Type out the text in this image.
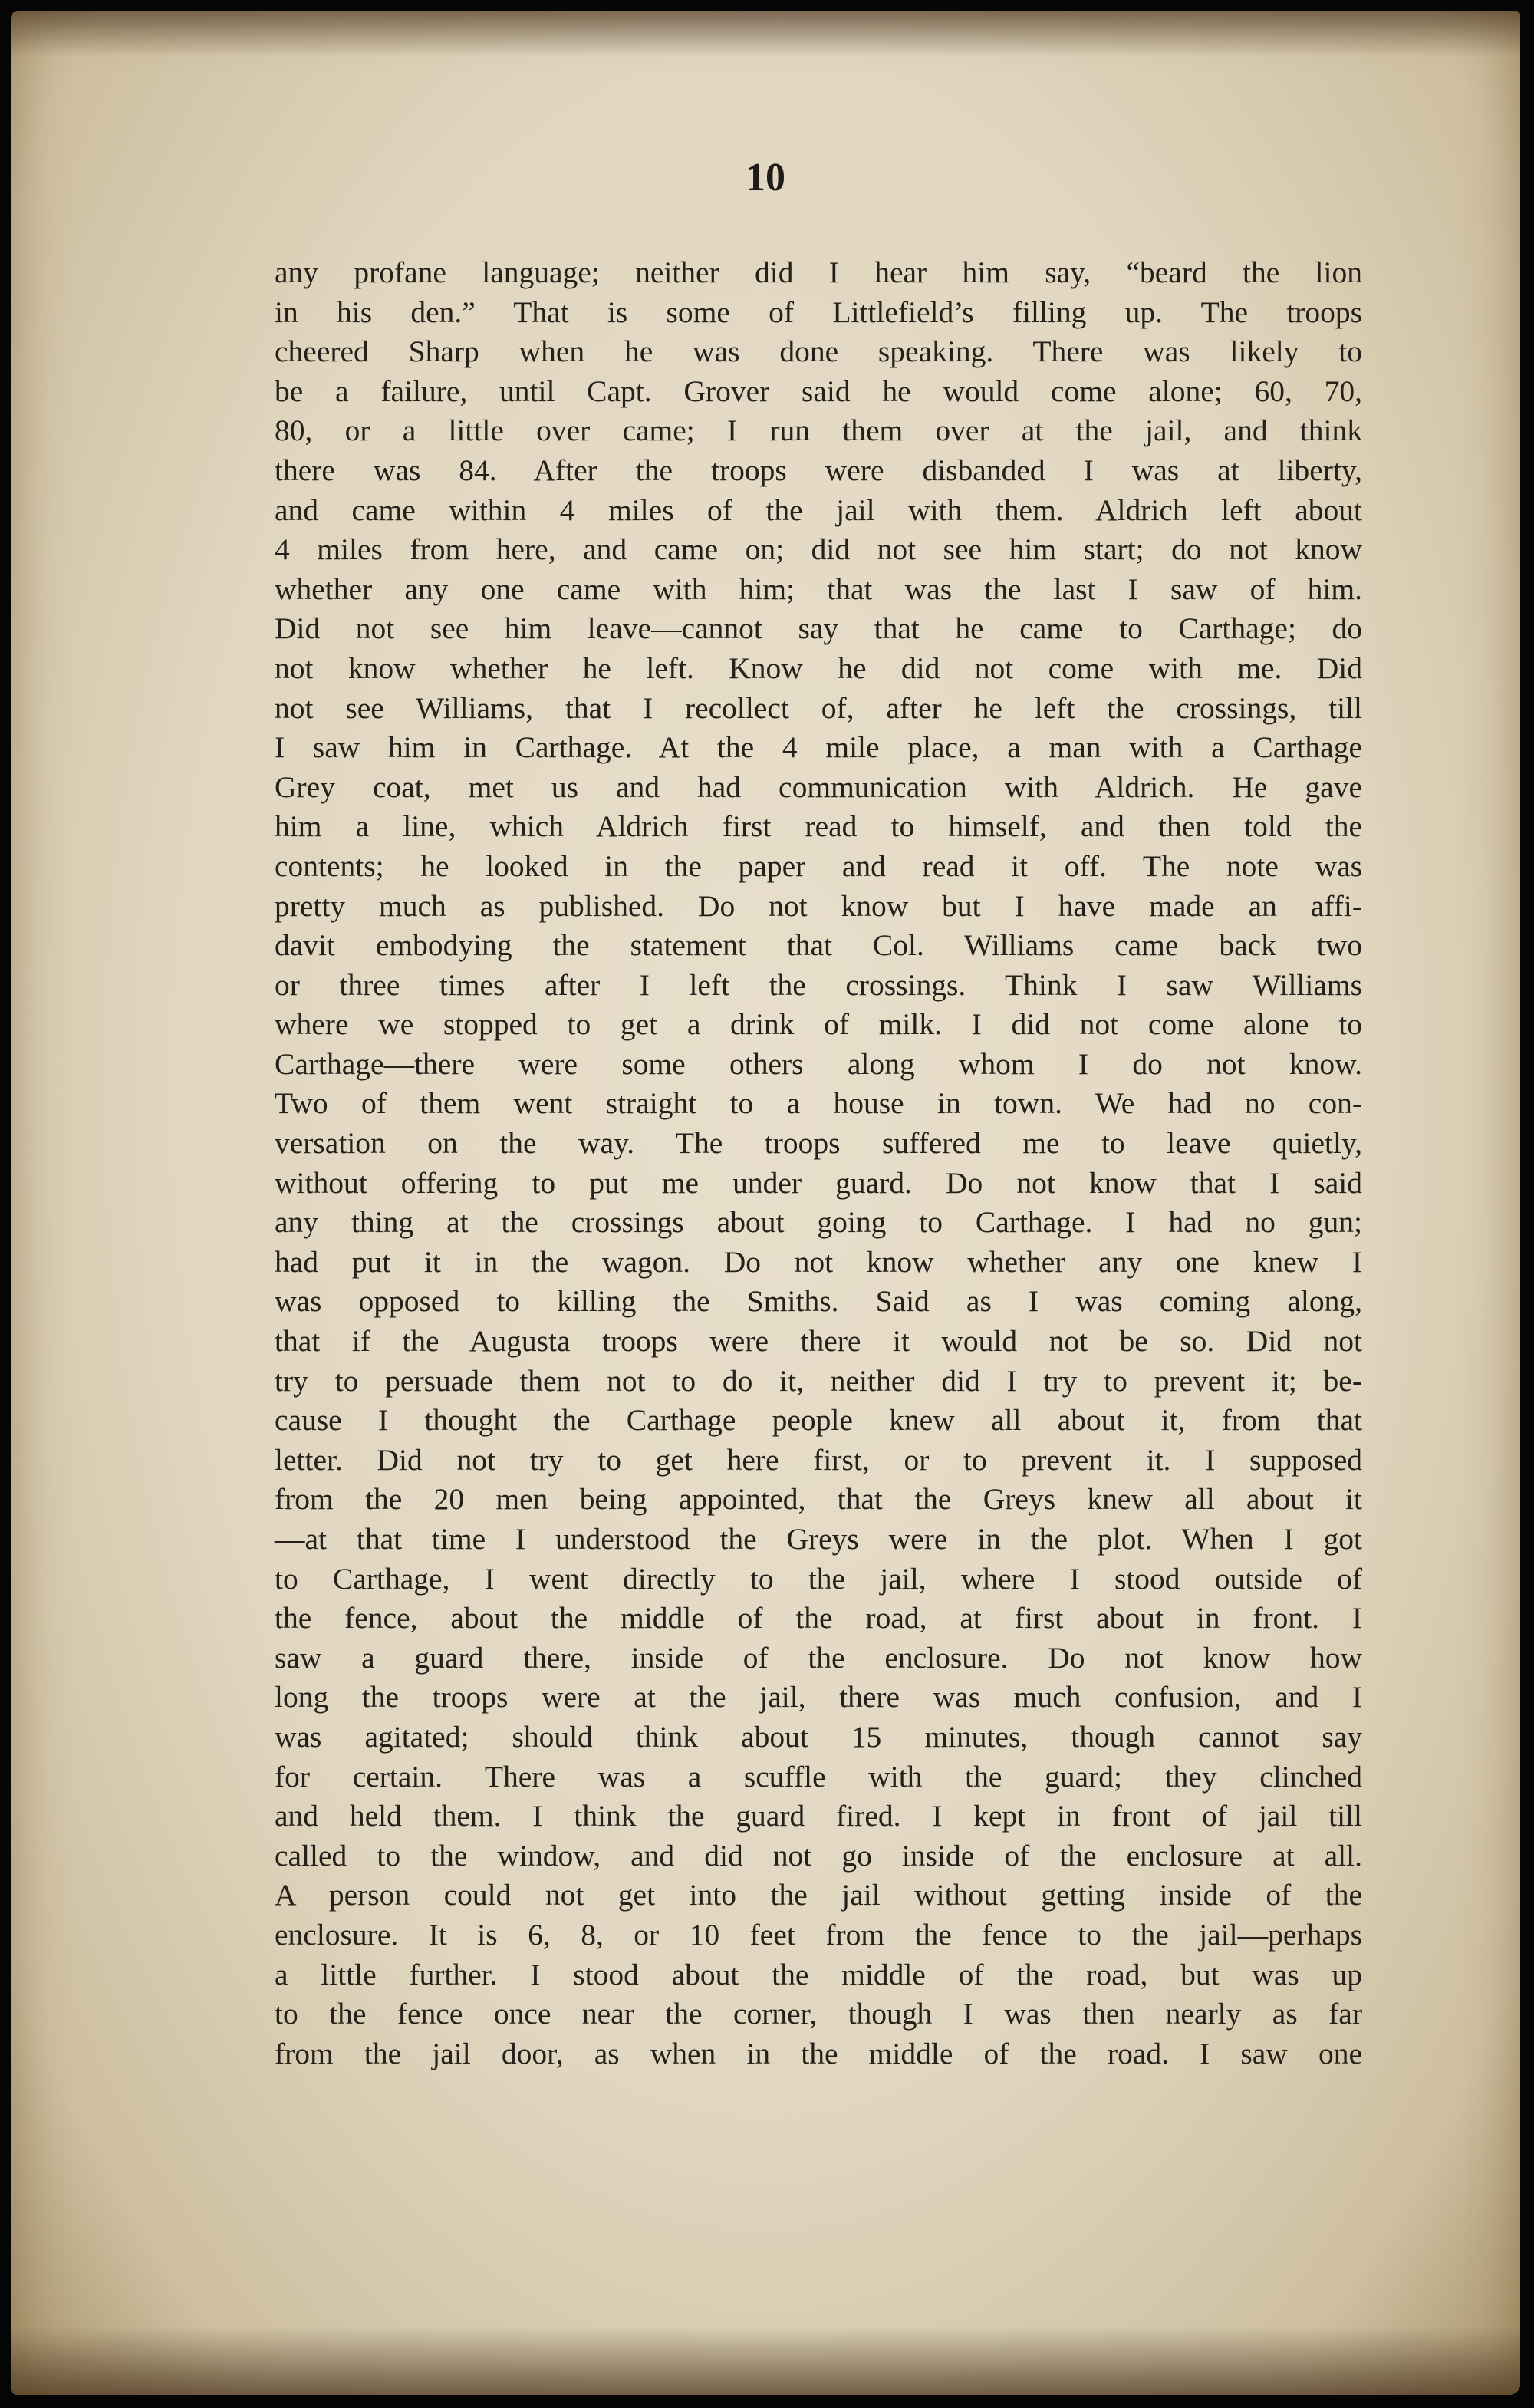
10
any profane language; neither did I hear him say, “beard the lion
in his den.” That is some of Littlefield’s filling up. The troops
cheered Sharp when he was done speaking. There was likely to
be a failure, until Capt. Grover said he would come alone; 60, 70,
80, or a little over came; I run them over at the jail, and think
there was 84. After the troops were disbanded I was at liberty,
and came within 4 miles of the jail with them. Aldrich left about
4 miles from here, and came on; did not see him start; do not know
whether any one came with him; that was the last I saw of him.
Did not see him leave—cannot say that he came to Carthage; do
not know whether he left. Know he did not come with me. Did
not see Williams, that I recollect of, after he left the crossings, till
I saw him in Carthage. At the 4 mile place, a man with a Carthage
Grey coat, met us and had communication with Aldrich. He gave
him a line, which Aldrich first read to himself, and then told the
contents; he looked in the paper and read it off. The note was
pretty much as published. Do not know but I have made an affi-
davit embodying the statement that Col. Williams came back two
or three times after I left the crossings. Think I saw Williams
where we stopped to get a drink of milk. I did not come alone to
Carthage—there were some others along whom I do not know.
Two of them went straight to a house in town. We had no con-
versation on the way. The troops suffered me to leave quietly,
without offering to put me under guard. Do not know that I said
any thing at the crossings about going to Carthage. I had no gun;
had put it in the wagon. Do not know whether any one knew I
was opposed to killing the Smiths. Said as I was coming along,
that if the Augusta troops were there it would not be so. Did not
try to persuade them not to do it, neither did I try to prevent it; be-
cause I thought the Carthage people knew all about it, from that
letter. Did not try to get here first, or to prevent it. I supposed
from the 20 men being appointed, that the Greys knew all about it
—at that time I understood the Greys were in the plot. When I got
to Carthage, I went directly to the jail, where I stood outside of
the fence, about the middle of the road, at first about in front. I
saw a guard there, inside of the enclosure. Do not know how
long the troops were at the jail, there was much confusion, and I
was agitated; should think about 15 minutes, though cannot say
for certain. There was a scuffle with the guard; they clinched
and held them. I think the guard fired. I kept in front of jail till
called to the window, and did not go inside of the enclosure at all.
A person could not get into the jail without getting inside of the
enclosure. It is 6, 8, or 10 feet from the fence to the jail—perhaps
a little further. I stood about the middle of the road, but was up
to the fence once near the corner, though I was then nearly as far
from the jail door, as when in the middle of the road. I saw one
